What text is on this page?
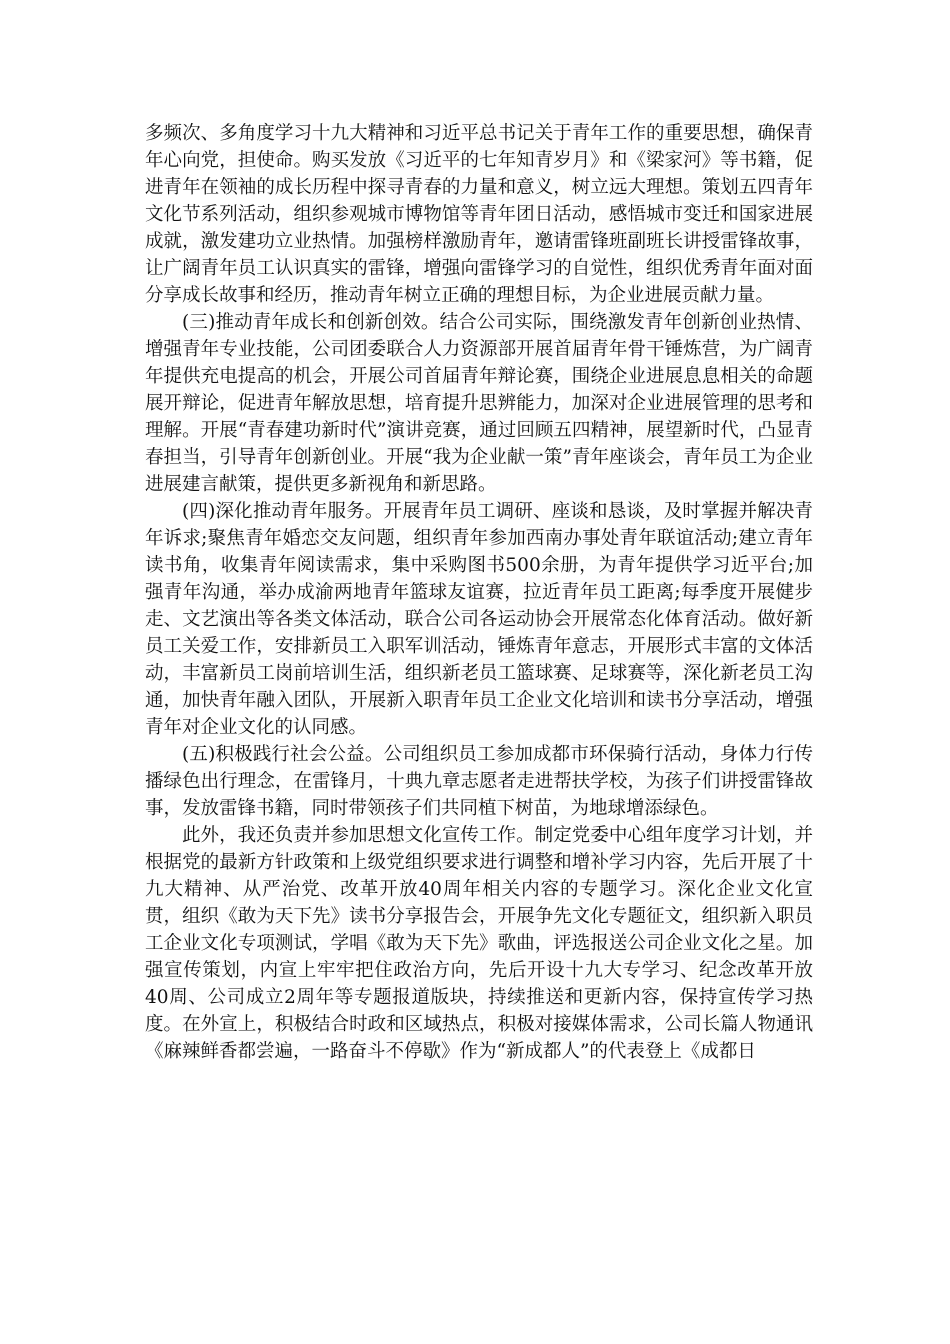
多频次、多角度学习十九大精神和习近平总书记关于青年工作的重要思想，确保青年心向党，担使命。购买发放《习近平的七年知青岁月》和《梁家河》等书籍，促进青年在领袖的成长历程中探寻青春的力量和意义，树立远大理想。策划五四青年文化节系列活动，组织参观城市博物馆等青年团日活动，感悟城市变迁和国家进展成就，激发建功立业热情。加强榜样激励青年，邀请雷锋班副班长讲授雷锋故事，让广阔青年员工认识真实的雷锋，增强向雷锋学习的自觉性，组织优秀青年面对面分享成长故事和经历，推动青年树立正确的理想目标，为企业进展贡献力量。

(三)推动青年成长和创新创效。结合公司实际，围绕激发青年创新创业热情、增强青年专业技能，公司团委联合人力资源部开展首届青年骨干锤炼营，为广阔青年提供充电提高的机会，开展公司首届青年辩论赛，围绕企业进展息息相关的命题展开辩论，促进青年解放思想，培育提升思辨能力，加深对企业进展管理的思考和理解。开展“青春建功新时代”演讲竞赛，通过回顾五四精神，展望新时代，凸显青春担当，引导青年创新创业。开展“我为企业献一策”青年座谈会，青年员工为企业进展建言献策，提供更多新视角和新思路。

(四)深化推动青年服务。开展青年员工调研、座谈和恳谈，及时掌握并解决青年诉求;聚焦青年婚恋交友问题，组织青年参加西南办事处青年联谊活动;建立青年读书角，收集青年阅读需求，集中采购图书500余册，为青年提供学习近平台;加强青年沟通，举办成渝两地青年篮球友谊赛，拉近青年员工距离;每季度开展健步走、文艺演出等各类文体活动，联合公司各运动协会开展常态化体育活动。做好新员工关爱工作，安排新员工入职军训活动，锤炼青年意志，开展形式丰富的文体活动，丰富新员工岗前培训生活，组织新老员工篮球赛、足球赛等，深化新老员工沟通，加快青年融入团队，开展新入职青年员工企业文化培训和读书分享活动，增强青年对企业文化的认同感。

(五)积极践行社会公益。公司组织员工参加成都市环保骑行活动，身体力行传播绿色出行理念，在雷锋月，十典九章志愿者走进帮扶学校，为孩子们讲授雷锋故事，发放雷锋书籍，同时带领孩子们共同植下树苗，为地球增添绿色。

此外，我还负责并参加思想文化宣传工作。制定党委中心组年度学习计划，并根据党的最新方针政策和上级党组织要求进行调整和增补学习内容，先后开展了十九大精神、从严治党、改革开放40周年相关内容的专题学习。深化企业文化宣贯，组织《敢为天下先》读书分享报告会，开展争先文化专题征文，组织新入职员工企业文化专项测试，学唱《敢为天下先》歌曲，评选报送公司企业文化之星。加强宣传策划，内宣上牢牢把住政治方向，先后开设十九大专学习、纪念改革开放40周、公司成立2周年等专题报道版块，持续推送和更新内容，保持宣传学习热度。在外宣上，积极结合时政和区域热点，积极对接媒体需求，公司长篇人物通讯《麻辣鲜香都尝遍，一路奋斗不停歇》作为“新成都人”的代表登上《成都日
